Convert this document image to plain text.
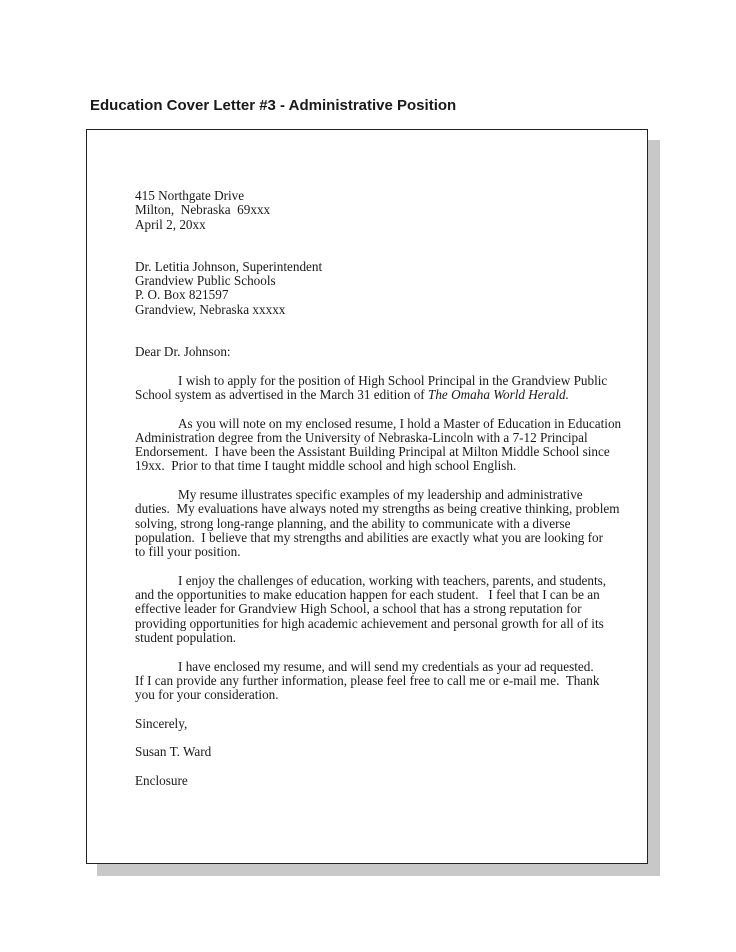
Education Cover Letter #3 - Administrative Position
415 Northgate Drive
Milton,  Nebraska  69xxx
April 2, 20xx
Dr. Letitia Johnson, Superintendent
Grandview Public Schools
P. O. Box 821597
Grandview, Nebraska xxxxx
Dear Dr. Johnson:
I wish to apply for the position of High School Principal in the Grandview Public
School system as advertised in the March 31 edition of The Omaha World Herald.
As you will note on my enclosed resume, I hold a Master of Education in Education
Administration degree from the University of Nebraska-Lincoln with a 7-12 Principal
Endorsement.  I have been the Assistant Building Principal at Milton Middle School since
19xx.  Prior to that time I taught middle school and high school English.
My resume illustrates specific examples of my leadership and administrative
duties.  My evaluations have always noted my strengths as being creative thinking, problem
solving, strong long-range planning, and the ability to communicate with a diverse
population.  I believe that my strengths and abilities are exactly what you are looking for
to fill your position.
I enjoy the challenges of education, working with teachers, parents, and students,
and the opportunities to make education happen for each student.   I feel that I can be an
effective leader for Grandview High School, a school that has a strong reputation for
providing opportunities for high academic achievement and personal growth for all of its
student population.
I have enclosed my resume, and will send my credentials as your ad requested.
If I can provide any further information, please feel free to call me or e-mail me.  Thank
you for your consideration.
Sincerely,
Susan T. Ward
Enclosure
